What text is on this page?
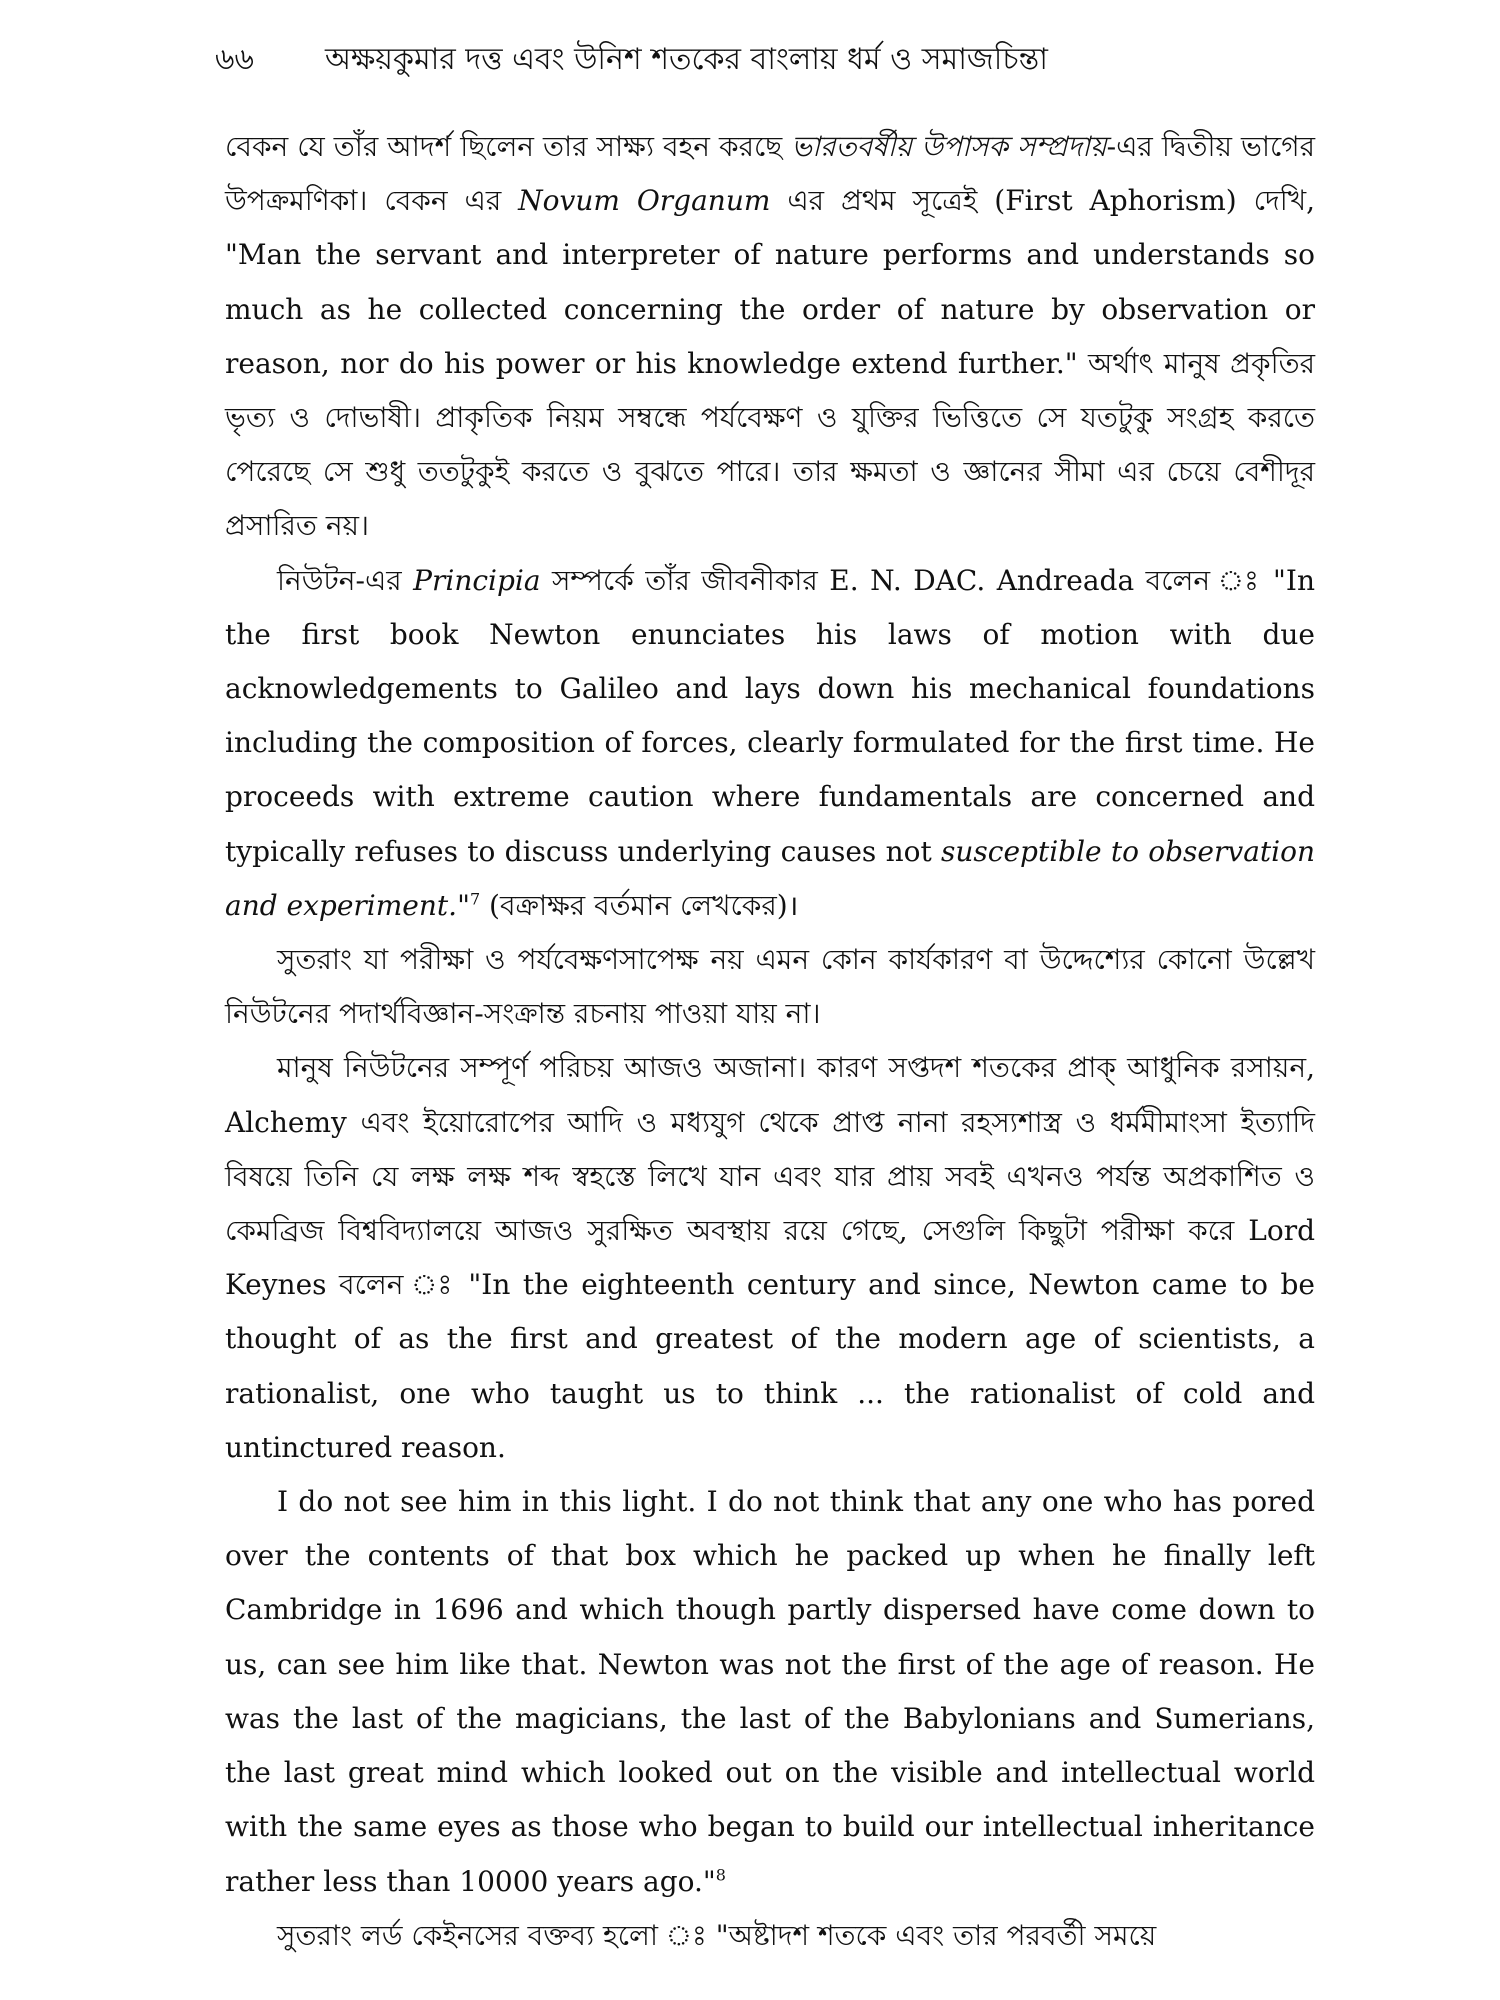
৬৬ অক্ষয়কুমার দত্ত এবং উনিশ শতকের বাংলায় ধর্ম ও সমাজচিন্তা

বেকন যে তাঁর আদর্শ ছিলেন তার সাক্ষ্য বহন করছে ভারতবর্ষীয় উপাসক সম্প্রদায়-এর দ্বিতীয় ভাগের উপক্রমণিকা। বেকন এর Novum Organum এর প্রথম সূত্রেই (First Aphorism) দেখি, "Man the servant and interpreter of nature performs and understands so much as he collected concerning the order of nature by observation or reason, nor do his power or his knowledge extend further." অর্থাৎ মানুষ প্রকৃতির ভৃত্য ও দোভাষী। প্রাকৃতিক নিয়ম সম্বন্ধে পর্যবেক্ষণ ও যুক্তির ভিত্তিতে সে যতটুকু সংগ্রহ করতে পেরেছে সে শুধু ততটুকুই করতে ও বুঝতে পারে। তার ক্ষমতা ও জ্ঞানের সীমা এর চেয়ে বেশীদূর প্রসারিত নয়।

নিউটন-এর Principia সম্পর্কে তাঁর জীবনীকার E. N. DAC. Andreada বলেন ঃ "In the first book Newton enunciates his laws of motion with due acknowledgements to Galileo and lays down his mechanical foundations including the composition of forces, clearly formulated for the first time. He proceeds with extreme caution where fundamentals are concerned and typically refuses to discuss underlying causes not susceptible to observation and experiment."$^7$ (বক্রাক্ষর বর্তমান লেখকের)।

সুতরাং যা পরীক্ষা ও পর্যবেক্ষণসাপেক্ষ নয় এমন কোন কার্যকারণ বা উদ্দেশ্যের কোনো উল্লেখ নিউটনের পদার্থবিজ্ঞান-সংক্রান্ত রচনায় পাওয়া যায় না।

মানুষ নিউটনের সম্পূর্ণ পরিচয় আজও অজানা। কারণ সপ্তদশ শতকের প্রাক্ আধুনিক রসায়ন, Alchemy এবং ইয়োরোপের আদি ও মধ্যযুগ থেকে প্রাপ্ত নানা রহস্যশাস্ত্র ও ধর্মমীমাংসা ইত্যাদি বিষয়ে তিনি যে লক্ষ লক্ষ শব্দ স্বহস্তে লিখে যান এবং যার প্রায় সবই এখনও পর্যন্ত অপ্রকাশিত ও কেমব্রিজ বিশ্ববিদ্যালয়ে আজও সুরক্ষিত অবস্থায় রয়ে গেছে, সেগুলি কিছুটা পরীক্ষা করে Lord Keynes বলেন ঃ "In the eighteenth century and since, Newton came to be thought of as the first and greatest of the modern age of scientists, a rationalist, one who taught us to think ... the rationalist of cold and untinctured reason.

I do not see him in this light. I do not think that any one who has pored over the contents of that box which he packed up when he finally left Cambridge in 1696 and which though partly dispersed have come down to us, can see him like that. Newton was not the first of the age of reason. He was the last of the magicians, the last of the Babylonians and Sumerians, the last great mind which looked out on the visible and intellectual world with the same eyes as those who began to build our intellectual inheritance rather less than 10000 years ago."$^8$

সুতরাং লর্ড কেইনসের বক্তব্য হলো ঃ "অষ্টাদশ শতকে এবং তার পরবর্তী সময়ে
